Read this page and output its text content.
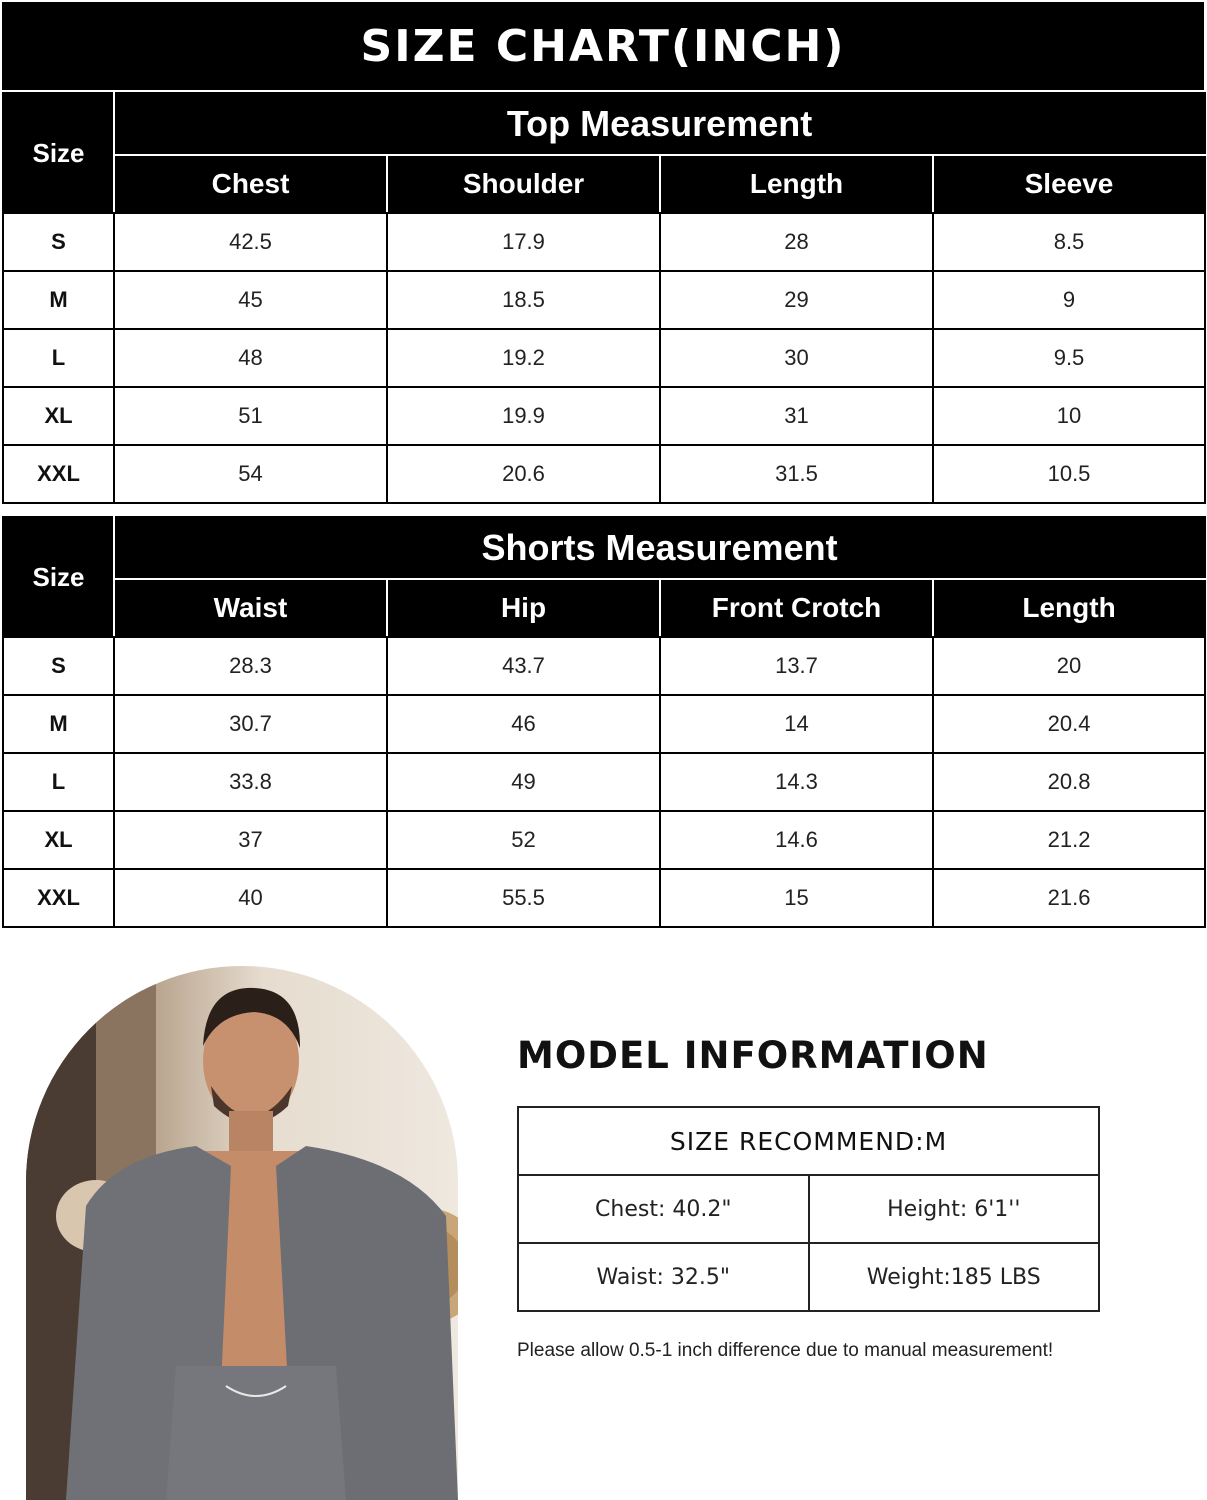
SIZE CHART(INCH)
Size	Top Measurement			
	Chest	Shoulder	Length	Sleeve
S	42.5	17.9	28	8.5
M	45	18.5	29	9
L	48	19.2	30	9.5
XL	51	19.9	31	10
XXL	54	20.6	31.5	10.5
Size	Shorts Measurement			
	Waist	Hip	Front Crotch	Length
S	28.3	43.7	13.7	20
M	30.7	46	14	20.4
L	33.8	49	14.3	20.8
XL	37	52	14.6	21.2
XXL	40	55.5	15	21.6
MODEL INFORMATION
SIZE RECOMMEND:M	
Chest: 40.2"	Height: 6'1''
Waist: 32.5"	Weight:185 LBS
Please allow 0.5-1 inch difference due to manual measurement!
